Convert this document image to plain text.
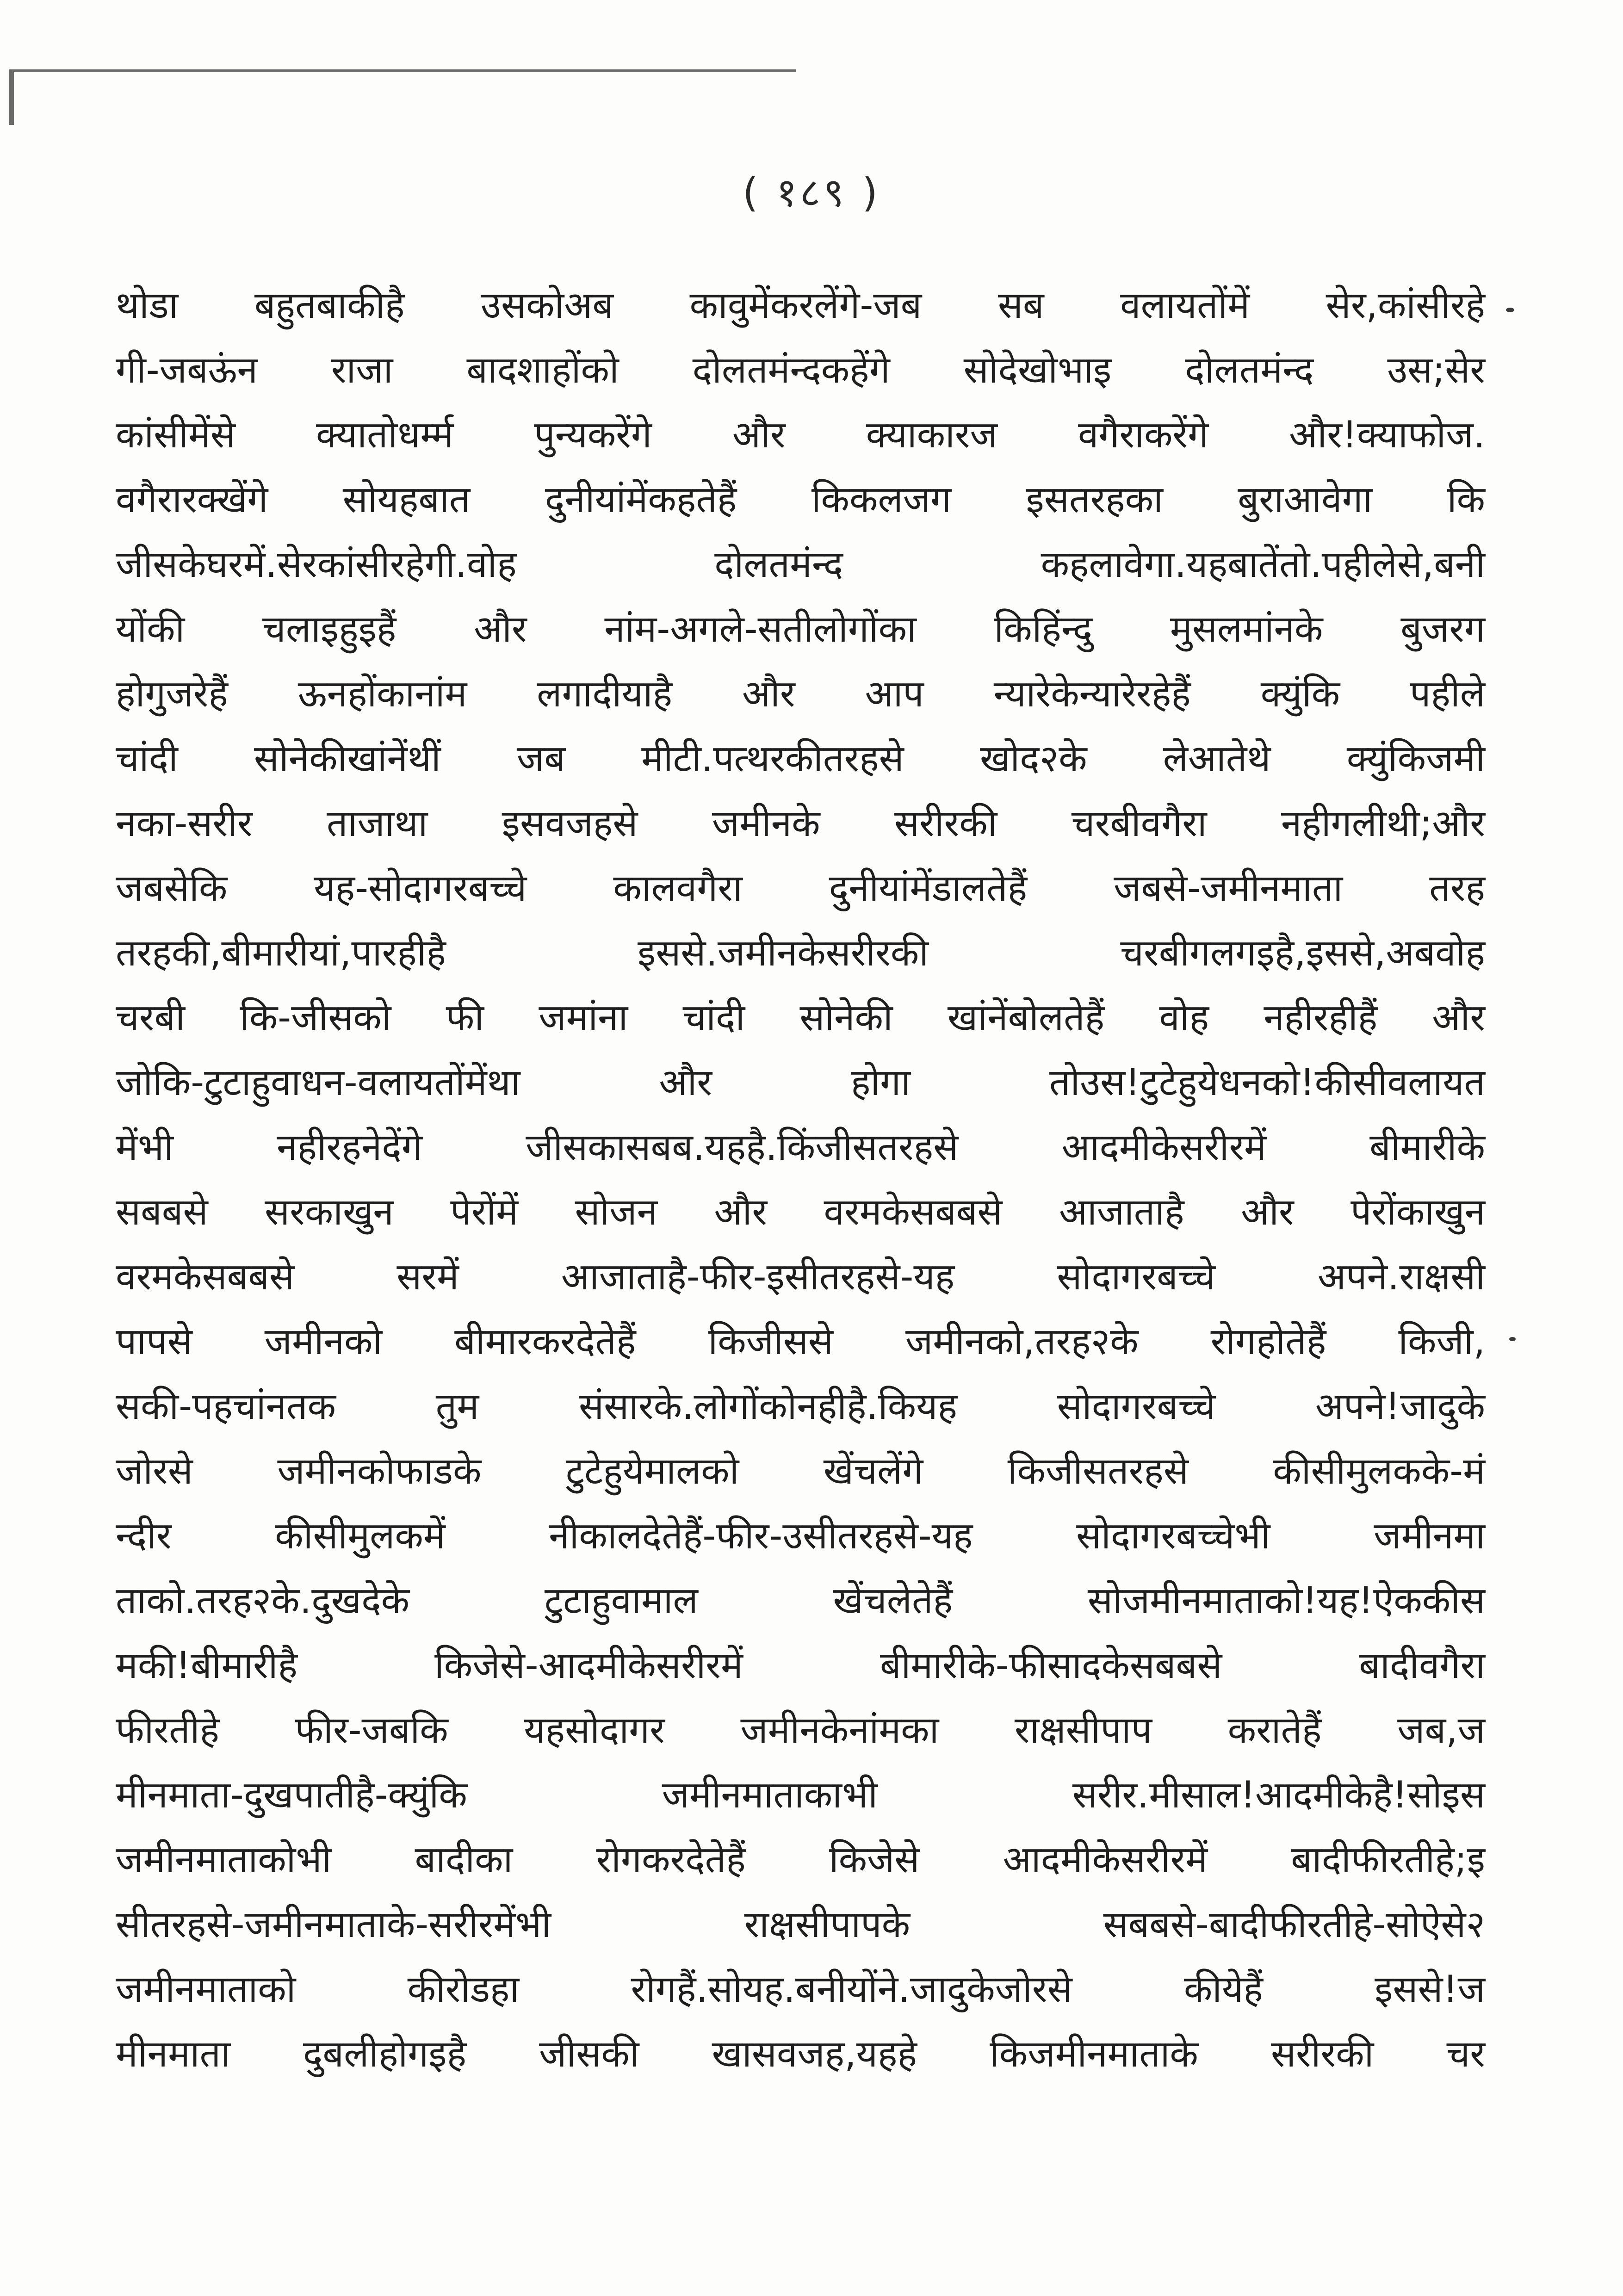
( १८९ )
थोडा बहुतबाकीहै उसकोअब कावुमेंकरलेंगे-जब सब वलायतोंमें सेर,कांसीरहे
गी-जबऊंन राजा बादशाहोंको दोलतमंन्दकहेंगे सोदेखोभाइ दोलतमंन्द उस;सेर
कांसीमेंसे क्यातोधर्म्म पुन्यकरेंगे और क्याकारज वगैराकरेंगे और!क्याफोज.
वगैरारक्खेंगे सोयहबात दुनीयांमेंकहतेहैं किकलजग इसतरहका बुराआवेगा कि
जीसकेघरमें.सेरकांसीरहेगी.वोह दोलतमंन्द कहलावेगा.यहबातेंतो.पहीलेसे,बनी
योंकी चलाइहुइहैं और नांम-अगले-सतीलोगोंका किहिंन्दु मुसलमांनके बुजरग
होगुजरेहैं ऊनहोंकानांम लगादीयाहै और आप न्यारेकेन्यारेरहेहैं क्युंकि पहीले
चांदी सोनेकीखांनेंथीं जब मीटी.पत्थरकीतरहसे खोद२के लेआतेथे क्युंकिजमी
नका-सरीर ताजाथा इसवजहसे जमीनके सरीरकी चरबीवगैरा नहीगलीथी;और
जबसेकि यह-सोदागरबच्चे कालवगैरा दुनीयांमेंडालतेहैं जबसे-जमीनमाता तरह
तरहकी,बीमारीयां,पारहीहै इससे.जमीनकेसरीरकी चरबीगलगइहै,इससे,अबवोह
चरबी कि-जीसको फी जमांना चांदी सोनेकी खांनेंबोलतेहैं वोह नहीरहीहैं और
जोकि-टुटाहुवाधन-वलायतोंमेंथा और होगा तोउस!टुटेहुयेधनको!कीसीवलायत
मेंभी नहीरहनेदेंगे जीसकासबब.यहहै.किंजीसतरहसे आदमीकेसरीरमें बीमारीके
सबबसे सरकाखुन पेरोंमें सोजन और वरमकेसबबसे आजाताहै और पेरोंकाखुन
वरमकेसबबसे सरमें आजाताहै-फीर-इसीतरहसे-यह सोदागरबच्चे अपने.राक्षसी
पापसे जमीनको बीमारकरदेतेहैं किजीससे जमीनको,तरह२के रोगहोतेहैं किजी,
सकी-पहचांनतक तुम संसारके.लोगोंकोनहीहै.कियह सोदागरबच्चे अपने!जादुके
जोरसे जमीनकोफाडके टुटेहुयेमालको खेंचलेंगे किजीसतरहसे कीसीमुलकके-मं
न्दीर कीसीमुलकमें नीकालदेतेहैं-फीर-उसीतरहसे-यह सोदागरबच्चेभी जमीनमा
ताको.तरह२के.दुखदेके टुटाहुवामाल खेंचलेतेहैं सोजमीनमाताको!यह!ऐककीस
मकी!बीमारीहै किजेसे-आदमीकेसरीरमें बीमारीके-फीसादकेसबबसे बादीवगैरा
फीरतीहे फीर-जबकि यहसोदागर जमीनकेनांमका राक्षसीपाप करातेहैं जब,ज
मीनमाता-दुखपातीहै-क्युंकि जमीनमाताकाभी सरीर.मीसाल!आदमीकेहै!सोइस
जमीनमाताकोभी बादीका रोगकरदेतेहैं किजेसे आदमीकेसरीरमें बादीफीरतीहे;इ
सीतरहसे-जमीनमाताके-सरीरमेंभी राक्षसीपापके सबबसे-बादीफीरतीहे-सोऐसे२
जमीनमाताको कीरोडहा रोगहैं.सोयह.बनीयोंने.जादुकेजोरसे कीयेहैं इससे!ज
मीनमाता दुबलीहोगइहै जीसकी खासवजह,यहहे किजमीनमाताके सरीरकी चर
